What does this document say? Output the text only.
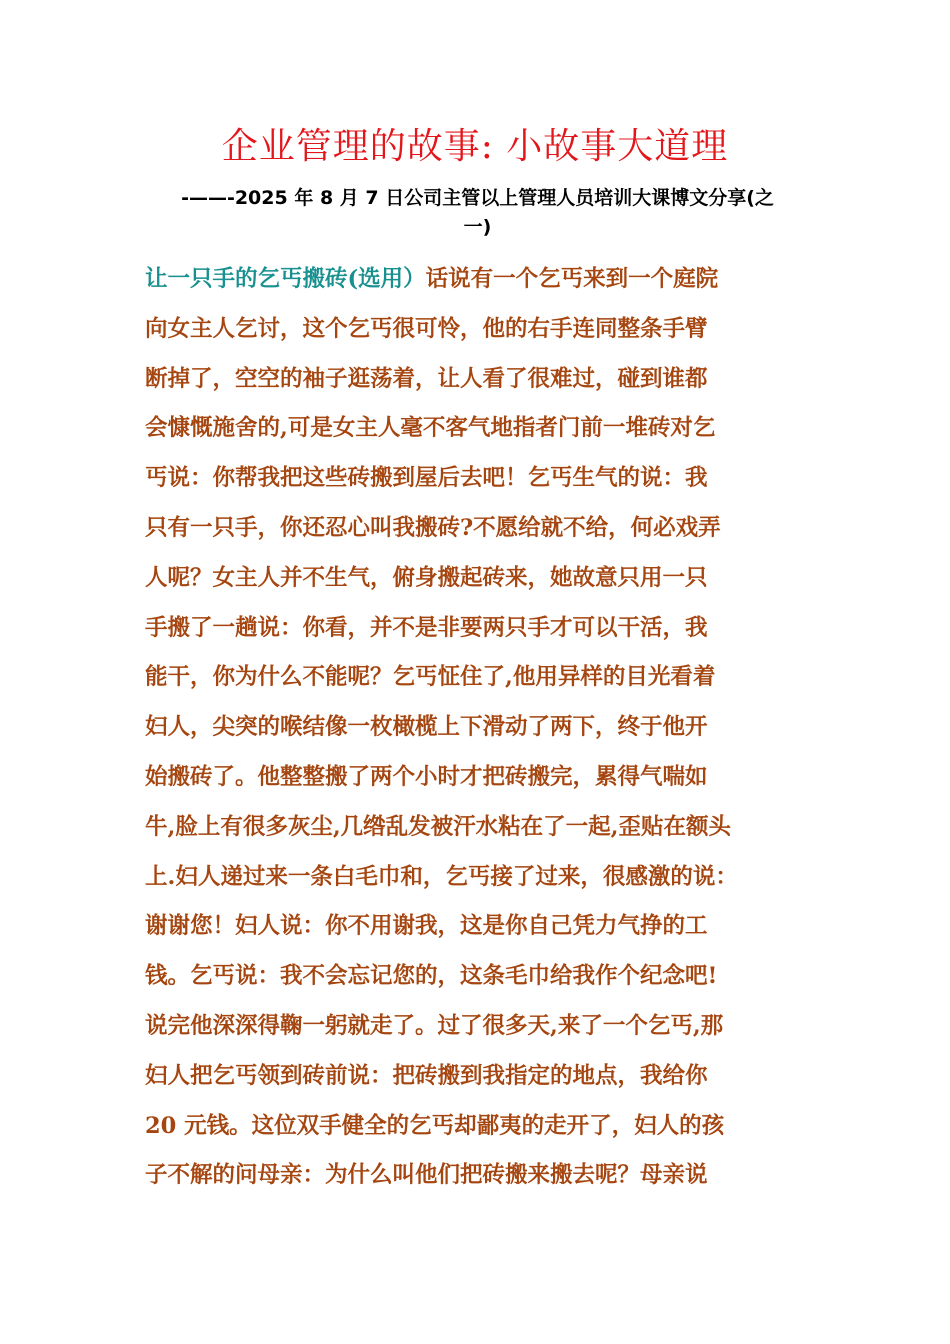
企业管理的故事: 小故事大道理
-——-2025 年 8 月 7 日公司主管以上管理人员培训大课博文分享(之
一)
让一只手的乞丐搬砖(选用）话说有一个乞丐来到一个庭院
向女主人乞讨，这个乞丐很可怜，他的右手连同整条手臂
断掉了，空空的袖子逛荡着，让人看了很难过，碰到谁都
会慷慨施舍的,可是女主人毫不客气地指者门前一堆砖对乞
丐说：你帮我把这些砖搬到屋后去吧！乞丐生气的说：我
只有一只手，你还忍心叫我搬砖?不愿给就不给，何必戏弄
人呢？女主人并不生气，俯身搬起砖来，她故意只用一只
手搬了一趟说：你看，并不是非要两只手才可以干活，我
能干，你为什么不能呢？乞丐怔住了,他用异样的目光看着
妇人，尖突的喉结像一枚橄榄上下滑动了两下，终于他开
始搬砖了。他整整搬了两个小时才把砖搬完，累得气喘如
牛,脸上有很多灰尘,几绺乱发被汗水粘在了一起,歪贴在额头
上.妇人递过来一条白毛巾和，乞丐接了过来，很感激的说：
谢谢您！妇人说：你不用谢我，这是你自己凭力气挣的工
钱。乞丐说：我不会忘记您的，这条毛巾给我作个纪念吧!
说完他深深得鞠一躬就走了。过了很多天,来了一个乞丐,那
妇人把乞丐领到砖前说：把砖搬到我指定的地点，我给你
20 元钱。这位双手健全的乞丐却鄙夷的走开了，妇人的孩
子不解的问母亲：为什么叫他们把砖搬来搬去呢？母亲说
